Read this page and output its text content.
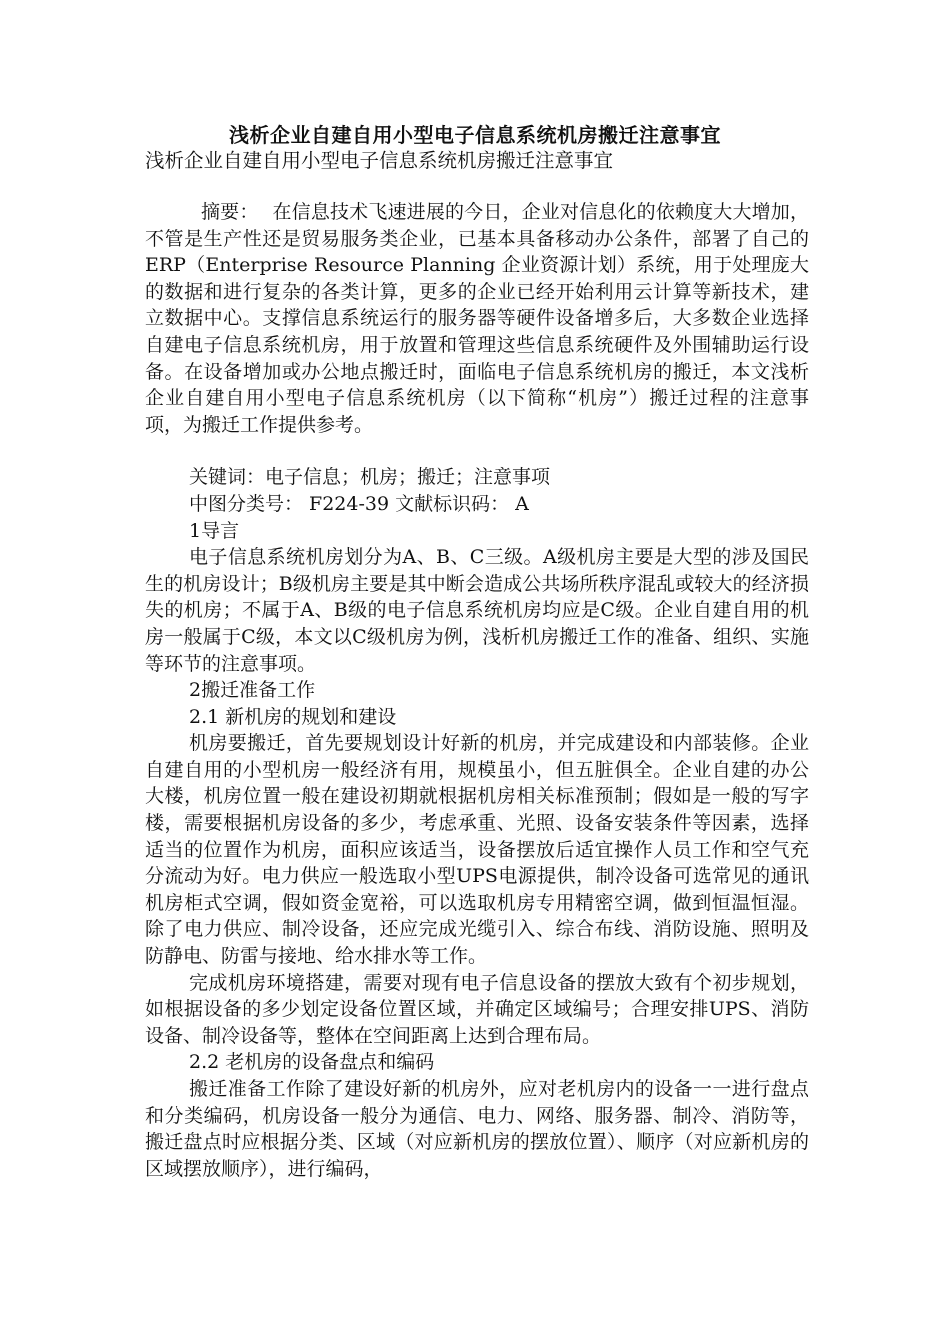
浅析企业自建自用小型电子信息系统机房搬迁注意事宜
浅析企业自建自用小型电子信息系统机房搬迁注意事宜

摘要： 在信息技术飞速进展的今日，企业对信息化的依赖度大大增加，不管是生产性还是贸易服务类企业，已基本具备移动办公条件，部署了自己的ERP（Enterprise Resource Planning 企业资源计划）系统，用于处理庞大的数据和进行复杂的各类计算，更多的企业已经开始利用云计算等新技术，建立数据中心。支撑信息系统运行的服务器等硬件设备增多后，大多数企业选择自建电子信息系统机房，用于放置和管理这些信息系统硬件及外围辅助运行设备。在设备增加或办公地点搬迁时，面临电子信息系统机房的搬迁，本文浅析企业自建自用小型电子信息系统机房（以下简称“机房”）搬迁过程的注意事项，为搬迁工作提供参考。

关键词：电子信息；机房；搬迁；注意事项

中图分类号： F224-39 文献标识码： A

1导言

电子信息系统机房划分为A、B、C三级。A级机房主要是大型的涉及国民生的机房设计；B级机房主要是其中断会造成公共场所秩序混乱或较大的经济损失的机房；不属于A、B级的电子信息系统机房均应是C级。企业自建自用的机房一般属于C级，本文以C级机房为例，浅析机房搬迁工作的准备、组织、实施等环节的注意事项。

2搬迁准备工作

2.1 新机房的规划和建设

机房要搬迁，首先要规划设计好新的机房，并完成建设和内部装修。企业自建自用的小型机房一般经济有用，规模虽小，但五脏俱全。企业自建的办公大楼，机房位置一般在建设初期就根据机房相关标准预制；假如是一般的写字楼，需要根据机房设备的多少，考虑承重、光照、设备安装条件等因素，选择适当的位置作为机房，面积应该适当，设备摆放后适宜操作人员工作和空气充分流动为好。电力供应一般选取小型UPS电源提供，制冷设备可选常见的通讯机房柜式空调，假如资金宽裕，可以选取机房专用精密空调，做到恒温恒湿。除了电力供应、制冷设备，还应完成光缆引入、综合布线、消防设施、照明及防静电、防雷与接地、给水排水等工作。

完成机房环境搭建，需要对现有电子信息设备的摆放大致有个初步规划，如根据设备的多少划定设备位置区域，并确定区域编号；合理安排UPS、消防设备、制冷设备等，整体在空间距离上达到合理布局。

2.2 老机房的设备盘点和编码

搬迁准备工作除了建设好新的机房外，应对老机房内的设备一一进行盘点和分类编码，机房设备一般分为通信、电力、网络、服务器、制冷、消防等，搬迁盘点时应根据分类、区域（对应新机房的摆放位置）、顺序（对应新机房的区域摆放顺序），进行编码，
